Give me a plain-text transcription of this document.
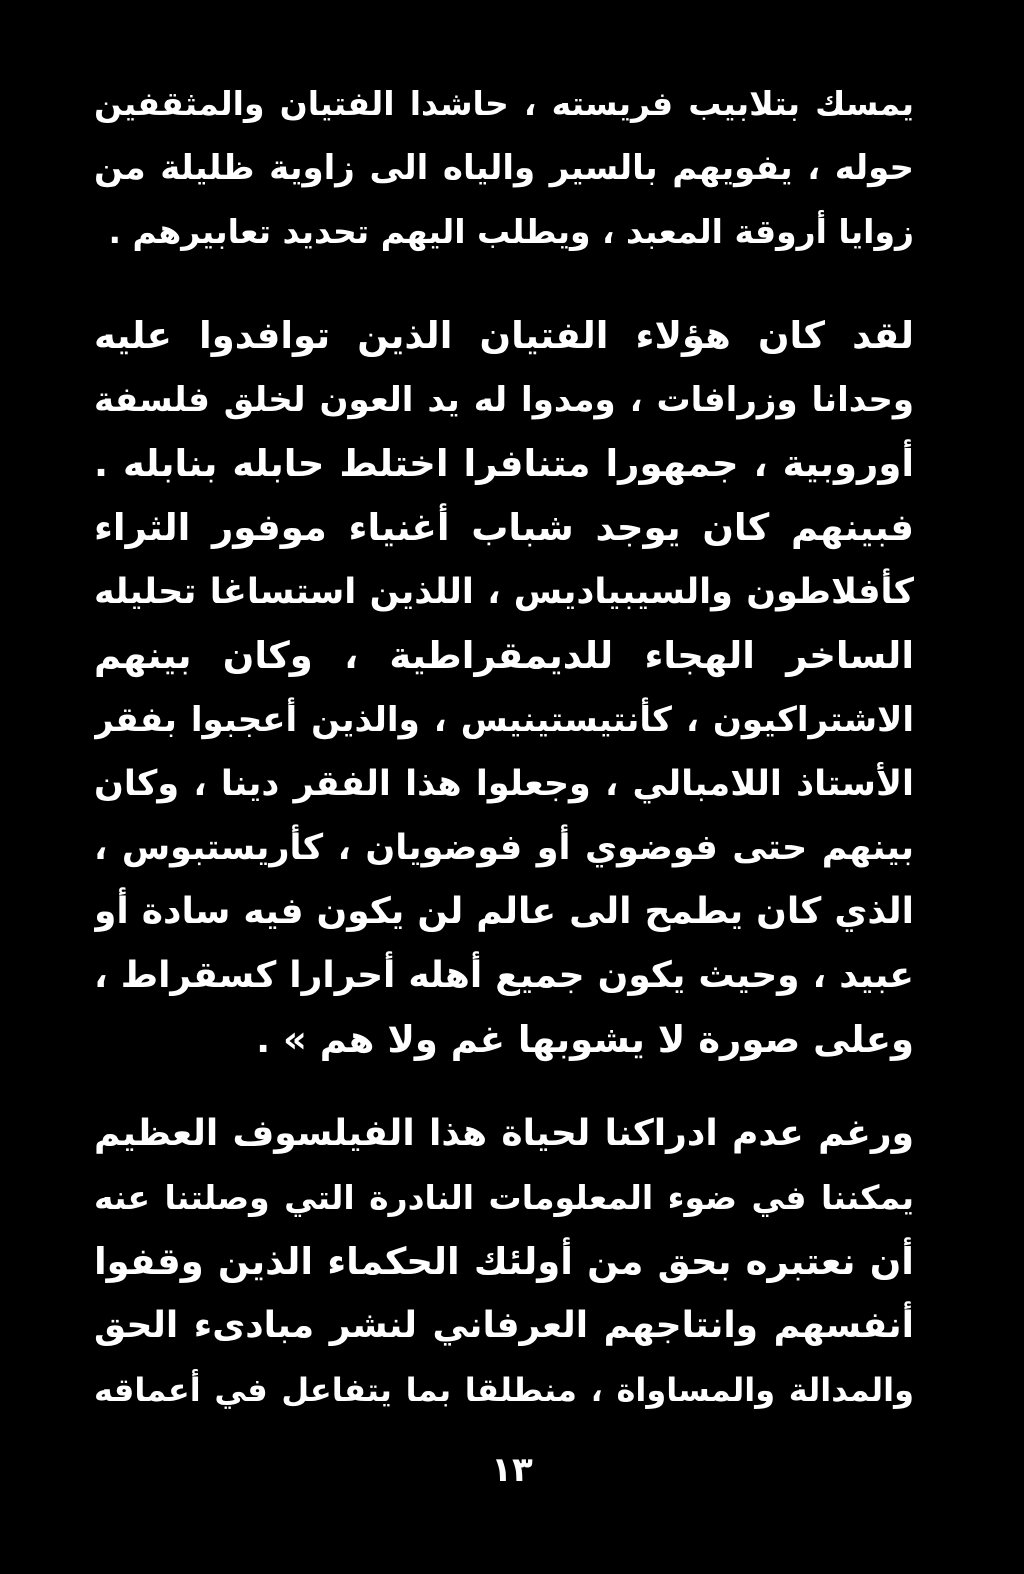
يمسك بتلابيب فريسته ، حاشدا الفتيان والمثقفين
حوله ، يفويهم بالسير والياه الى زاوية ظليلة من
زوايا أروقة المعبد ، ويطلب اليهم تحديد تعابيرهم .
لقد كان هؤلاء الفتيان الذين توافدوا عليه
وحدانا وزرافات ، ومدوا له يد العون لخلق فلسفة
أوروبية ، جمهورا متنافرا اختلط حابله بنابله .
فبينهم كان يوجد شباب أغنياء موفور الثراء
كأفلاطون والسيبياديس ، اللذين استساغا تحليله
الساخر الهجاء للديمقراطية ، وكان بينهم
الاشتراكيون ، كأنتيستينيس ، والذين أعجبوا بفقر
الأستاذ اللامبالي ، وجعلوا هذا الفقر دينا ، وكان
بينهم حتى فوضوي أو فوضويان ، كأريستبوس ،
الذي كان يطمح الى عالم لن يكون فيه سادة أو
عبيد ، وحيث يكون جميع أهله أحرارا كسقراط ،
وعلى صورة لا يشوبها غم ولا هم » .
ورغم عدم ادراكنا لحياة هذا الفيلسوف العظيم
يمكننا في ضوء المعلومات النادرة التي وصلتنا عنه
أن نعتبره بحق من أولئك الحكماء الذين وقفوا
أنفسهم وانتاجهم العرفاني لنشر مبادىء الحق
والمدالة والمساواة ، منطلقا بما يتفاعل في أعماقه
١٣
